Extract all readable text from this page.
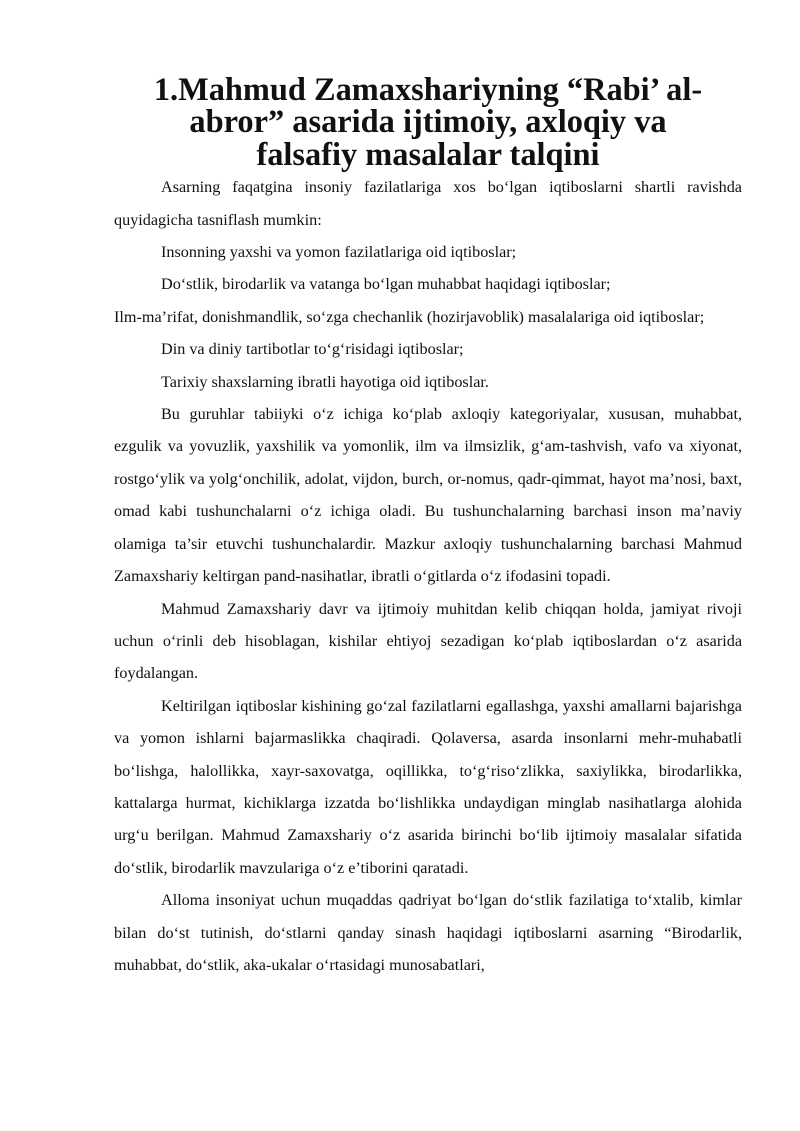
1.Mahmud Zamaxshariyning “Rabi’ al-abror” asarida ijtimoiy, axloqiy va
falsafiy masalalar talqini

Asarning faqatgina insoniy fazilatlariga xos bo‘lgan iqtiboslarni shartli ravishda quyidagicha tasniflash mumkin:

Insonning yaxshi va yomon fazilatlariga oid iqtiboslar;

Do‘stlik, birodarlik va vatanga bo‘lgan muhabbat haqidagi iqtiboslar;

Ilm-ma’rifat, donishmandlik, so‘zga chechanlik (hozirjavoblik) masalalariga oid iqtiboslar;

Din va diniy tartibotlar to‘g‘risidagi iqtiboslar;

Tarixiy shaxslarning ibratli hayotiga oid iqtiboslar.

Bu guruhlar tabiiyki o‘z ichiga ko‘plab axloqiy kategoriyalar, xususan, muhabbat, ezgulik va yovuzlik, yaxshilik va yomonlik, ilm va ilmsizlik, g‘am-tashvish, vafo va xiyonat, rostgo‘ylik va yolg‘onchilik, adolat, vijdon, burch, or-nomus, qadr-qimmat, hayot ma’nosi, baxt, omad kabi tushunchalarni o‘z ichiga oladi. Bu tushunchalarning barchasi inson ma’naviy olamiga ta’sir etuvchi tushunchalardir. Mazkur axloqiy tushunchalarning barchasi Mahmud Zamaxshariy keltirgan pand-nasihatlar, ibratli o‘gitlarda o‘z ifodasini topadi.

Mahmud Zamaxshariy davr va ijtimoiy muhitdan kelib chiqqan holda, jamiyat rivoji uchun o‘rinli deb hisoblagan, kishilar ehtiyoj sezadigan ko‘plab iqtiboslardan o‘z asarida foydalangan.

Keltirilgan iqtiboslar kishining go‘zal fazilatlarni egallashga, yaxshi amallarni bajarishga va yomon ishlarni bajarmaslikka chaqiradi. Qolaversa, asarda insonlarni mehr-muhabatli bo‘lishga, halollikka, xayr-saxovatga, oqillikka, to‘g‘riso‘zlikka, saxiylikka, birodarlikka, kattalarga hurmat, kichiklarga izzatda bo‘lishlikka undaydigan minglab nasihatlarga alohida urg‘u berilgan. Mahmud Zamaxshariy o‘z asarida birinchi bo‘lib ijtimoiy masalalar sifatida do‘stlik, birodarlik mavzulariga o‘z e’tiborini qaratadi.

Alloma insoniyat uchun muqaddas qadriyat bo‘lgan do‘stlik fazilatiga to‘xtalib, kimlar bilan do‘st tutinish, do‘stlarni qanday sinash haqidagi iqtiboslarni asarning “Birodarlik, muhabbat, do‘stlik, aka-ukalar o‘rtasidagi munosabatlari,
